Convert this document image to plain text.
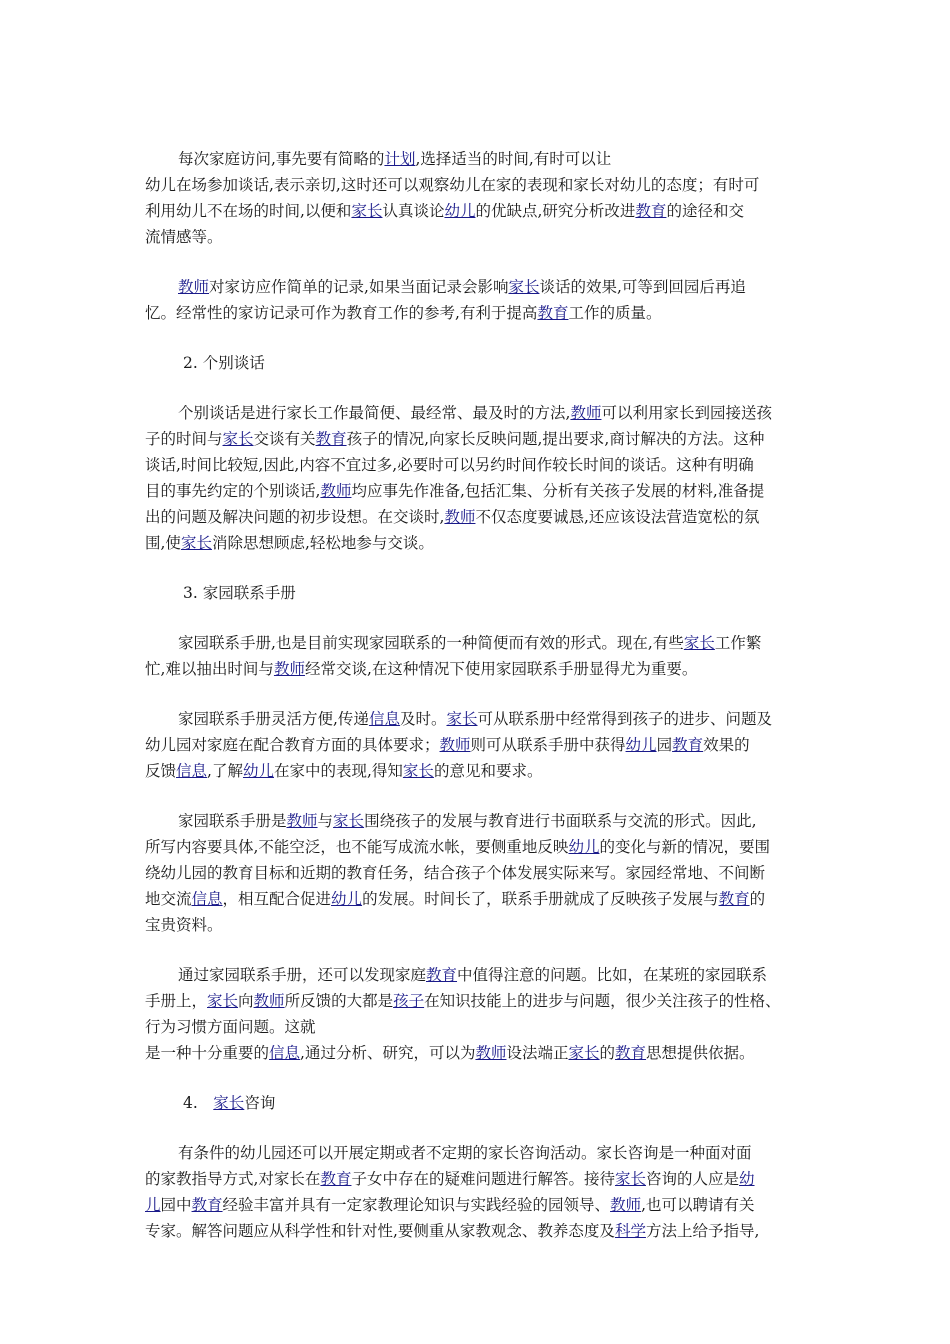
每次家庭访问,事先要有简略的计划,选择适当的时间,有时可以让
幼儿在场参加谈话,表示亲切,这时还可以观察幼儿在家的表现和家长对幼儿的态度；有时可
利用幼儿不在场的时间,以便和家长认真谈论幼儿的优缺点,研究分析改进教育的途径和交
流情感等。
教师对家访应作简单的记录,如果当面记录会影响家长谈话的效果,可等到回园后再追
忆。经常性的家访记录可作为教育工作的参考,有利于提高教育工作的质量。
2. 个别谈话
个别谈话是进行家长工作最简便、最经常、最及时的方法,教师可以利用家长到园接送孩
子的时间与家长交谈有关教育孩子的情况,向家长反映问题,提出要求,商讨解决的方法。这种
谈话,时间比较短,因此,内容不宜过多,必要时可以另约时间作较长时间的谈话。这种有明确
目的事先约定的个别谈话,教师均应事先作准备,包括汇集、分析有关孩子发展的材料,准备提
出的问题及解决问题的初步设想。在交谈时,教师不仅态度要诚恳,还应该设法营造宽松的氛
围,使家长消除思想顾虑,轻松地参与交谈。
3. 家园联系手册
家园联系手册,也是目前实现家园联系的一种简便而有效的形式。现在,有些家长工作繁
忙,难以抽出时间与教师经常交谈,在这种情况下使用家园联系手册显得尤为重要。
家园联系手册灵活方便,传递信息及时。家长可从联系册中经常得到孩子的进步、问题及
幼儿园对家庭在配合教育方面的具体要求；教师则可从联系手册中获得幼儿园教育效果的
反馈信息,了解幼儿在家中的表现,得知家长的意见和要求。
家园联系手册是教师与家长围绕孩子的发展与教育进行书面联系与交流的形式。因此,
所写内容要具体,不能空泛，也不能写成流水帐，要侧重地反映幼儿的变化与新的情况，要围
绕幼儿园的教育目标和近期的教育任务，结合孩子个体发展实际来写。家园经常地、不间断
地交流信息，相互配合促进幼儿的发展。时间长了，联系手册就成了反映孩子发展与教育的
宝贵资料。
通过家园联系手册，还可以发现家庭教育中值得注意的问题。比如，在某班的家园联系
手册上，家长向教师所反馈的大都是孩子在知识技能上的进步与问题，很少关注孩子的性格、
行为习惯方面问题。这就
是一种十分重要的信息,通过分析、研究，可以为教师设法端正家长的教育思想提供依据。
4.　家长咨询
有条件的幼儿园还可以开展定期或者不定期的家长咨询活动。家长咨询是一种面对面
的家教指导方式,对家长在教育子女中存在的疑难问题进行解答。接待家长咨询的人应是幼
儿园中教育经验丰富并具有一定家教理论知识与实践经验的园领导、教师,也可以聘请有关
专家。解答问题应从科学性和针对性,要侧重从家教观念、教养态度及科学方法上给予指导,
